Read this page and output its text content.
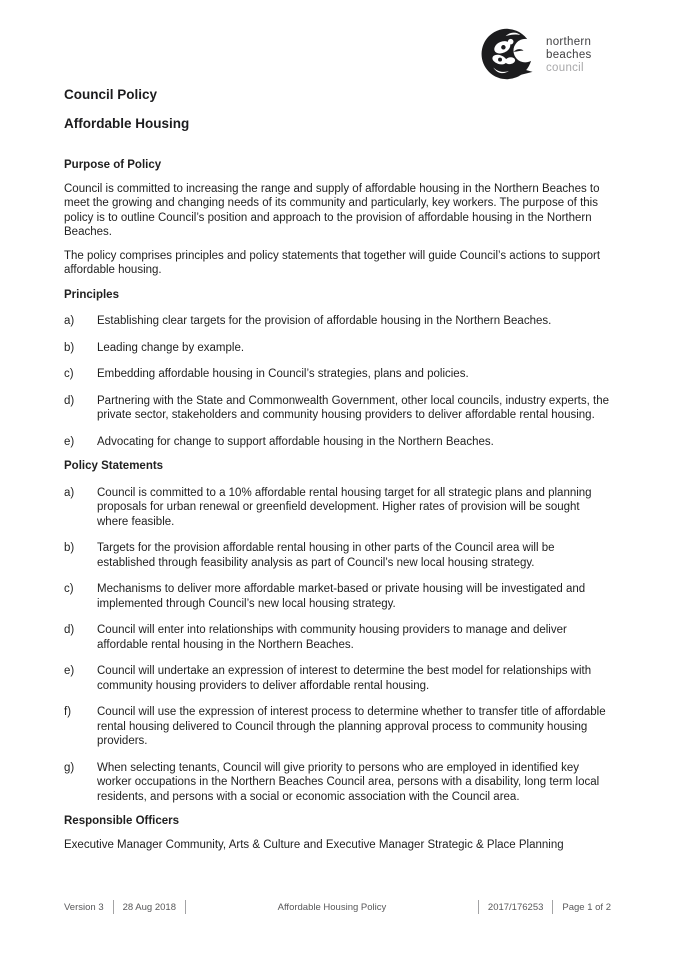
northern
beaches
council
Council Policy
Affordable Housing
Purpose of Policy

Council is committed to increasing the range and supply of affordable housing in the Northern Beaches to meet the growing and changing needs of its community and particularly, key workers. The purpose of this policy is to outline Council’s position and approach to the provision of affordable housing in the Northern Beaches.

The policy comprises principles and policy statements that together will guide Council’s actions to support affordable housing.

Principles
a)	Establishing clear targets for the provision of affordable housing in the Northern Beaches.
b)	Leading change by example.
c)	Embedding affordable housing in Council’s strategies, plans and policies.
d)	Partnering with the State and Commonwealth Government, other local councils, industry experts, the private sector, stakeholders and community housing providers to deliver affordable rental housing.
e)	Advocating for change to support affordable housing in the Northern Beaches.
Policy Statements
a)	Council is committed to a 10% affordable rental housing target for all strategic plans and planning proposals for urban renewal or greenfield development. Higher rates of provision will be sought where feasible.
b)	Targets for the provision affordable rental housing in other parts of the Council area will be established through feasibility analysis as part of Council’s new local housing strategy.
c)	Mechanisms to deliver more affordable market-based or private housing will be investigated and implemented through Council’s new local housing strategy.
d)	Council will enter into relationships with community housing providers to manage and deliver affordable rental housing in the Northern Beaches.
e)	Council will undertake an expression of interest to determine the best model for relationships with community housing providers to deliver affordable rental housing.
f)	Council will use the expression of interest process to determine whether to transfer title of affordable rental housing delivered to Council through the planning approval process to community housing providers.
g)	When selecting tenants, Council will give priority to persons who are employed in identified key worker occupations in the Northern Beaches Council area, persons with a disability, long term local residents, and persons with a social or economic association with the Council area.
Responsible Officers

Executive Manager Community, Arts & Culture and Executive Manager Strategic & Place Planning

Version 3 28 Aug 2018	Affordable Housing Policy	2017/176253 Page 1 of 2
